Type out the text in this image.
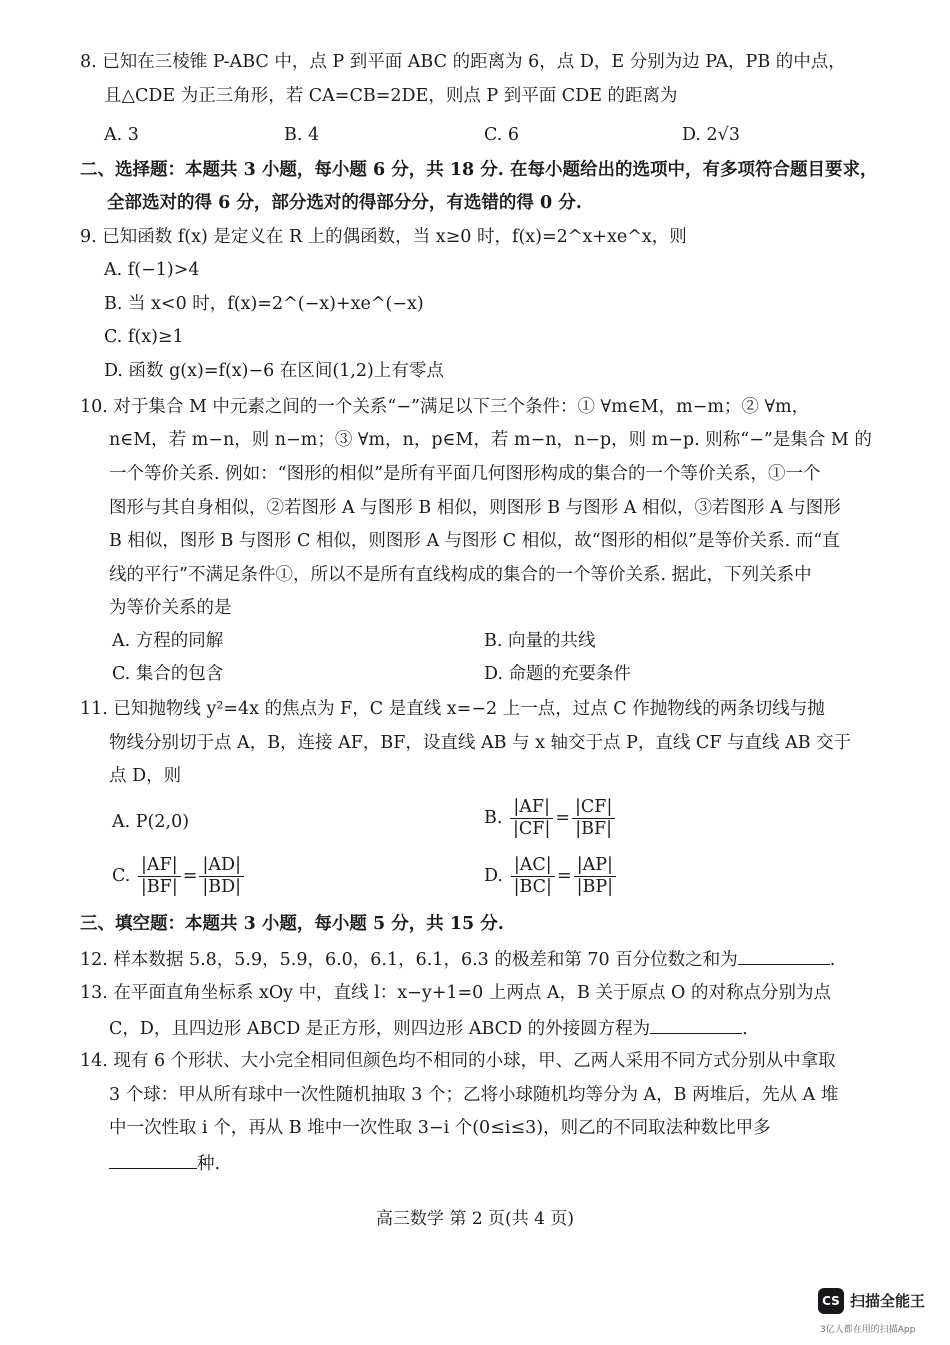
8. 已知在三棱锥 P-ABC 中，点 P 到平面 ABC 的距离为 6，点 D，E 分别为边 PA，PB 的中点，
且△CDE 为正三角形，若 CA=CB=2DE，则点 P 到平面 CDE 的距离为
A. 3	B. 4	C. 6	D. 2√3
二、选择题：本题共 3 小题，每小题 6 分，共 18 分. 在每小题给出的选项中，有多项符合题目要求，
全部选对的得 6 分，部分选对的得部分分，有选错的得 0 分.
9. 已知函数 f(x) 是定义在 R 上的偶函数，当 x≥0 时，f(x)=2^x+xe^x，则
A. f(−1)>4
B. 当 x<0 时，f(x)=2^(−x)+xe^(−x)
C. f(x)≥1
D. 函数 g(x)=f(x)−6 在区间(1,2)上有零点
10. 对于集合 M 中元素之间的一个关系“−”满足以下三个条件：① ∀m∈M，m−m；② ∀m，
n∈M，若 m−n，则 n−m；③ ∀m，n，p∈M，若 m−n，n−p，则 m−p. 则称“−”是集合 M 的
一个等价关系. 例如：“图形的相似”是所有平面几何图形构成的集合的一个等价关系，①一个
图形与其自身相似，②若图形 A 与图形 B 相似，则图形 B 与图形 A 相似，③若图形 A 与图形
B 相似，图形 B 与图形 C 相似，则图形 A 与图形 C 相似，故“图形的相似”是等价关系. 而“直
线的平行”不满足条件①，所以不是所有直线构成的集合的一个等价关系. 据此，下列关系中
为等价关系的是
A. 方程的同解	B. 向量的共线
C. 集合的包含	D. 命题的充要条件
11. 已知抛物线 y²=4x 的焦点为 F，C 是直线 x=−2 上一点，过点 C 作抛物线的两条切线与抛
物线分别切于点 A，B，连接 AF，BF，设直线 AB 与 x 轴交于点 P，直线 CF 与直线 AB 交于
点 D，则
A. P(2,0)	B. $\frac{|AF|}{|CF|} = \frac{|CF|}{|BF|}$
C. $\frac{|AF|}{|BF|} = \frac{|AD|}{|BD|}$	D. $\frac{|AC|}{|BC|} = \frac{|AP|}{|BP|}$
三、填空题：本题共 3 小题，每小题 5 分，共 15 分.
12. 样本数据 5.8，5.9，5.9，6.0，6.1，6.1，6.3 的极差和第 70 百分位数之和为	.
13. 在平面直角坐标系 xOy 中，直线 l：x−y+1=0 上两点 A，B 关于原点 O 的对称点分别为点
C，D，且四边形 ABCD 是正方形，则四边形 ABCD 的外接圆方程为	.
14. 现有 6 个形状、大小完全相同但颜色均不相同的小球，甲、乙两人采用不同方式分别从中拿取
3 个球：甲从所有球中一次性随机抽取 3 个；乙将小球随机均等分为 A，B 两堆后，先从 A 堆
中一次性取 i 个，再从 B 堆中一次性取 3−i 个(0≤i≤3)，则乙的不同取法种数比甲多
种.
高三数学 第 2 页(共 4 页)
CS 扫描全能王
3亿人都在用的扫描App
